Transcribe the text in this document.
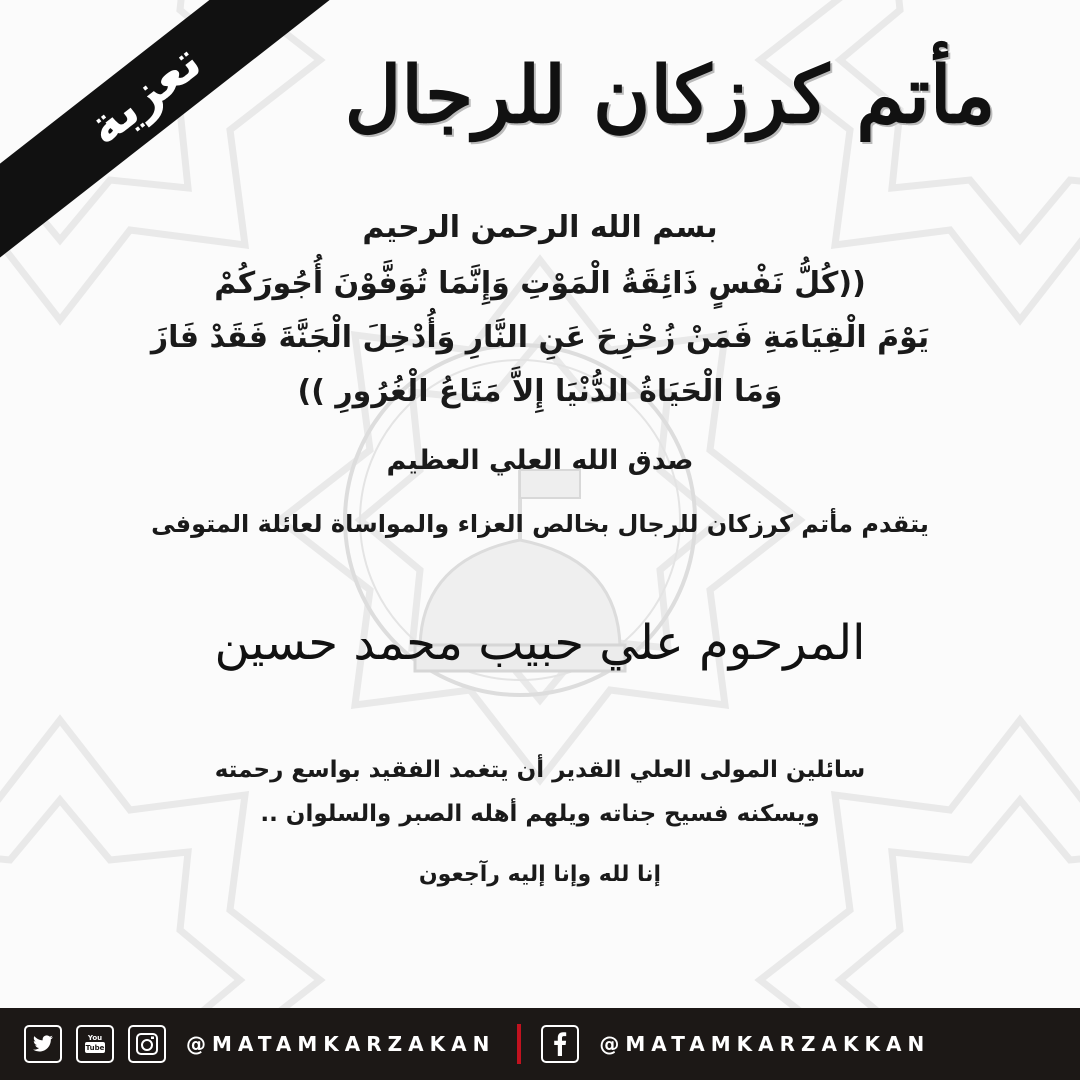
تعزية	مأتم كرزكان للرجال
بسم الله الرحمن الرحيم

((كُلُّ نَفْسٍ ذَائِقَةُ الْمَوْتِ وَإِنَّمَا تُوَفَّوْنَ أُجُورَكُمْ

يَوْمَ الْقِيَامَةِ فَمَنْ زُحْزِحَ عَنِ النَّارِ وَأُدْخِلَ الْجَنَّةَ فَقَدْ فَازَ

وَمَا الْحَيَاةُ الدُّنْيَا إِلاَّ مَتَاعُ الْغُرُورِ ))

صدق الله العلي العظيم
يتقدم مأتم كرزكان للرجال بخالص العزاء والمواساة لعائلة المتوفى
المرحوم علي حبيب محمد حسين
سائلين المولى العلي القدير أن يتغمد الفقيد بواسع رحمته
ويسكنه فسيح جناته ويلهم أهله الصبر والسلوان ..
إنا لله وإنا إليه رآجعون
You
Tube	@MATAMKARZAKAN	@MATAMKARZAKKAN
